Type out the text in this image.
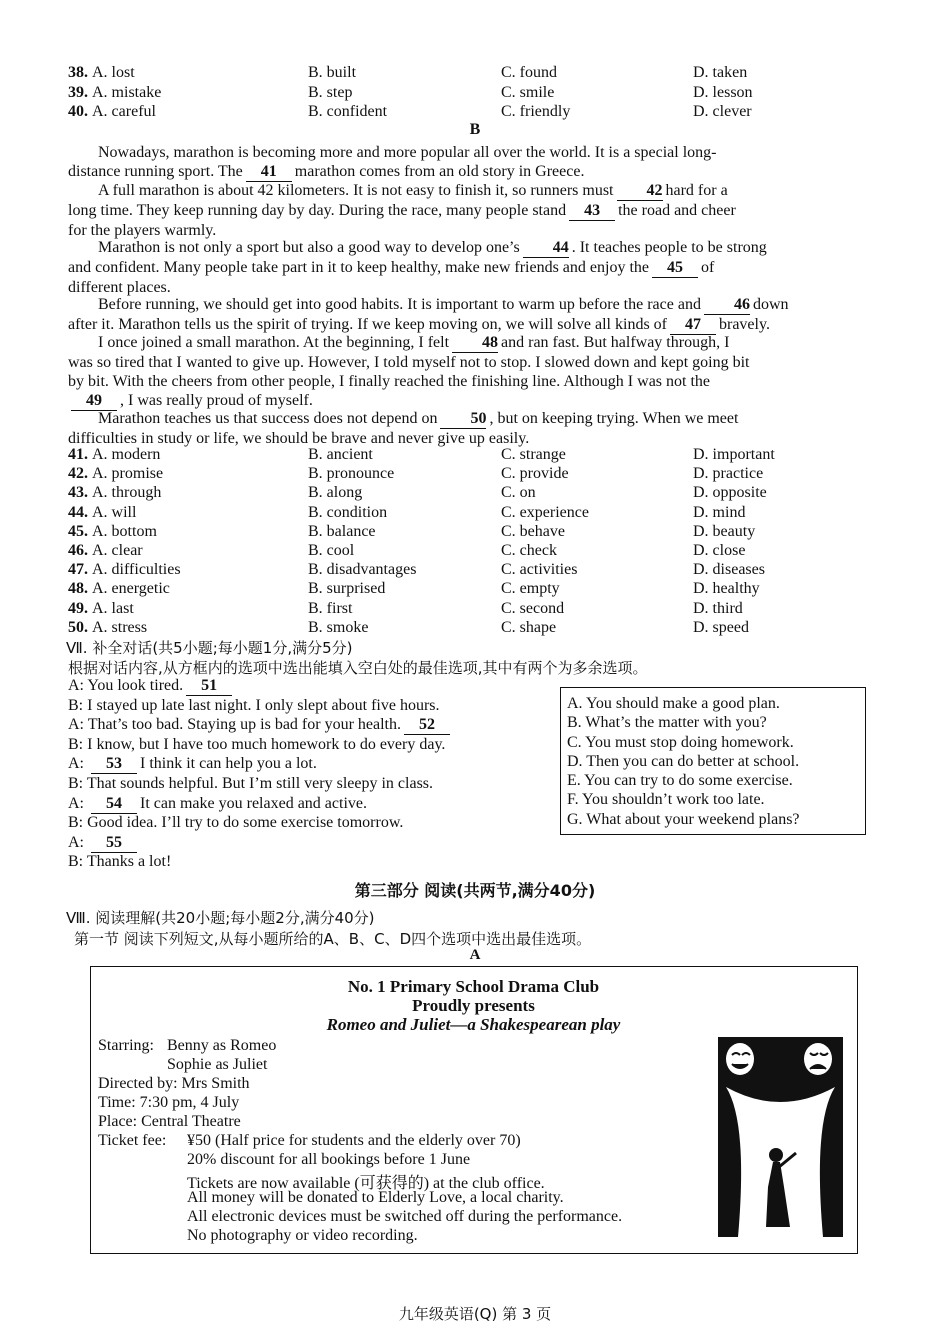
38. A. lost	B. built	C. found	D. taken
39. A. mistake	B. step	C. smile	D. lesson
40. A. careful	B. confident	C. friendly	D. clever
B
Nowadays, marathon is becoming more and more popular all over the world. It is a special long-
distance running sport. The 41 marathon comes from an old story in Greece.
A full marathon is about 42 kilometers. It is not easy to finish it, so runners must 42 hard for a
long time. They keep running day by day. During the race, many people stand 43 the road and cheer
for the players warmly.
Marathon is not only a sport but also a good way to develop one’s 44 . It teaches people to be strong
and confident. Many people take part in it to keep healthy, make new friends and enjoy the 45 of
different places.
Before running, we should get into good habits. It is important to warm up before the race and 46 down
after it. Marathon tells us the spirit of trying. If we keep moving on, we will solve all kinds of 47 bravely.
I once joined a small marathon. At the beginning, I felt 48 and ran fast. But halfway through, I
was so tired that I wanted to give up. However, I told myself not to stop. I slowed down and kept going bit
by bit. With the cheers from other people, I finally reached the finishing line. Although I was not the
49 , I was really proud of myself.
Marathon teaches us that success does not depend on 50 , but on keeping trying. When we meet
difficulties in study or life, we should be brave and never give up easily.
41. A. modern	B. ancient	C. strange	D. important
42. A. promise	B. pronounce	C. provide	D. practice
43. A. through	B. along	C. on	D. opposite
44. A. will	B. condition	C. experience	D. mind
45. A. bottom	B. balance	C. behave	D. beauty
46. A. clear	B. cool	C. check	D. close
47. A. difficulties	B. disadvantages	C. activities	D. diseases
48. A. energetic	B. surprised	C. empty	D. healthy
49. A. last	B. first	C. second	D. third
50. A. stress	B. smoke	C. shape	D. speed
Ⅶ. 补全对话(共5小题;每小题1分,满分5分)
根据对话内容,从方框内的选项中选出能填入空白处的最佳选项,其中有两个为多余选项。
A: You look tired. 51
B: I stayed up late last night. I only slept about five hours.
A: That’s too bad. Staying up is bad for your health. 52
B: I know, but I have too much homework to do every day.
A: 53 I think it can help you a lot.
B: That sounds helpful. But I’m still very sleepy in class.
A: 54 It can make you relaxed and active.
B: Good idea. I’ll try to do some exercise tomorrow.
A: 55
B: Thanks a lot!
A. You should make a good plan.
B. What’s the matter with you?
C. You must stop doing homework.
D. Then you can do better at school.
E. You can try to do some exercise.
F. You shouldn’t work too late.
G. What about your weekend plans?
第三部分 阅读(共两节,满分40分)
Ⅷ. 阅读理解(共20小题;每小题2分,满分40分)
第一节 阅读下列短文,从每小题所给的A、B、C、D四个选项中选出最佳选项。
A
No. 1 Primary School Drama Club
Proudly presents
Romeo and Juliet—a Shakespearean play
Starring: Benny as Romeo
Sophie as Juliet
Directed by: Mrs Smith
Time: 7:30 pm, 4 July
Place: Central Theatre
Ticket fee: ¥50 (Half price for students and the elderly over 70)
20% discount for all bookings before 1 June
Tickets are now available (可获得的) at the club office.
All money will be donated to Elderly Love, a local charity.
All electronic devices must be switched off during the performance.
No photography or video recording.
九年级英语(Q) 第 3 页
